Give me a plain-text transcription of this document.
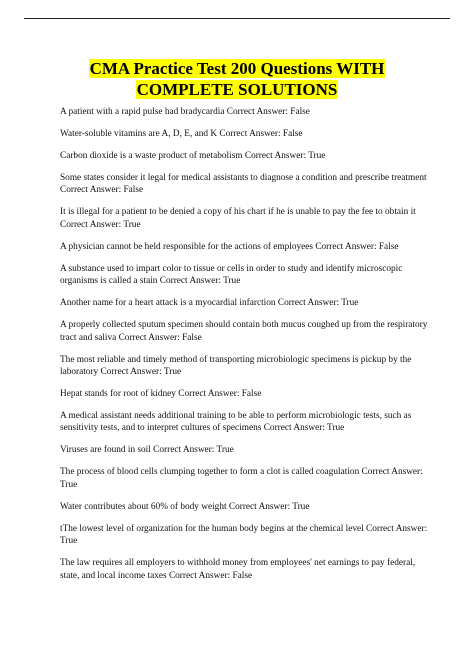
CMA Practice Test 200 Questions WITH
COMPLETE SOLUTIONS

A patient with a rapid pulse had bradycardia Correct Answer: False

Water-soluble vitamins are A, D, E, and K Correct Answer: False

Carbon dioxide is a waste product of metabolism Correct Answer: True

Some states consider it legal for medical assistants to diagnose a condition and prescribe treatment Correct Answer: False

It is illegal for a patient to be denied a copy of his chart if he is unable to pay the fee to obtain it Correct Answer: True

A physician cannot be held responsible for the actions of employees Correct Answer: False

A substance used to impart color to tissue or cells in order to study and identify microscopic organisms is called a stain Correct Answer: True

Another name for a heart attack is a myocardial infarction Correct Answer: True

A properly collected sputum specimen should contain both mucus coughed up from the respiratory tract and saliva Correct Answer: False

The most reliable and timely method of transporting microbiologic specimens is pickup by the laboratory Correct Answer: True

Hepat stands for root of kidney Correct Answer: False

A medical assistant needs additional training to be able to perform microbiologic tests, such as sensitivity tests, and to interpret cultures of specimens Correct Answer: True

Viruses are found in soil Correct Answer: True

The process of blood cells clumping together to form a clot is called coagulation Correct Answer: True

Water contributes about 60% of body weight Correct Answer: True

tThe lowest level of organization for the human body begins at the chemical level Correct Answer: True

The law requires all employers to withhold money from employees' net earnings to pay federal, state, and local income taxes Correct Answer: False
